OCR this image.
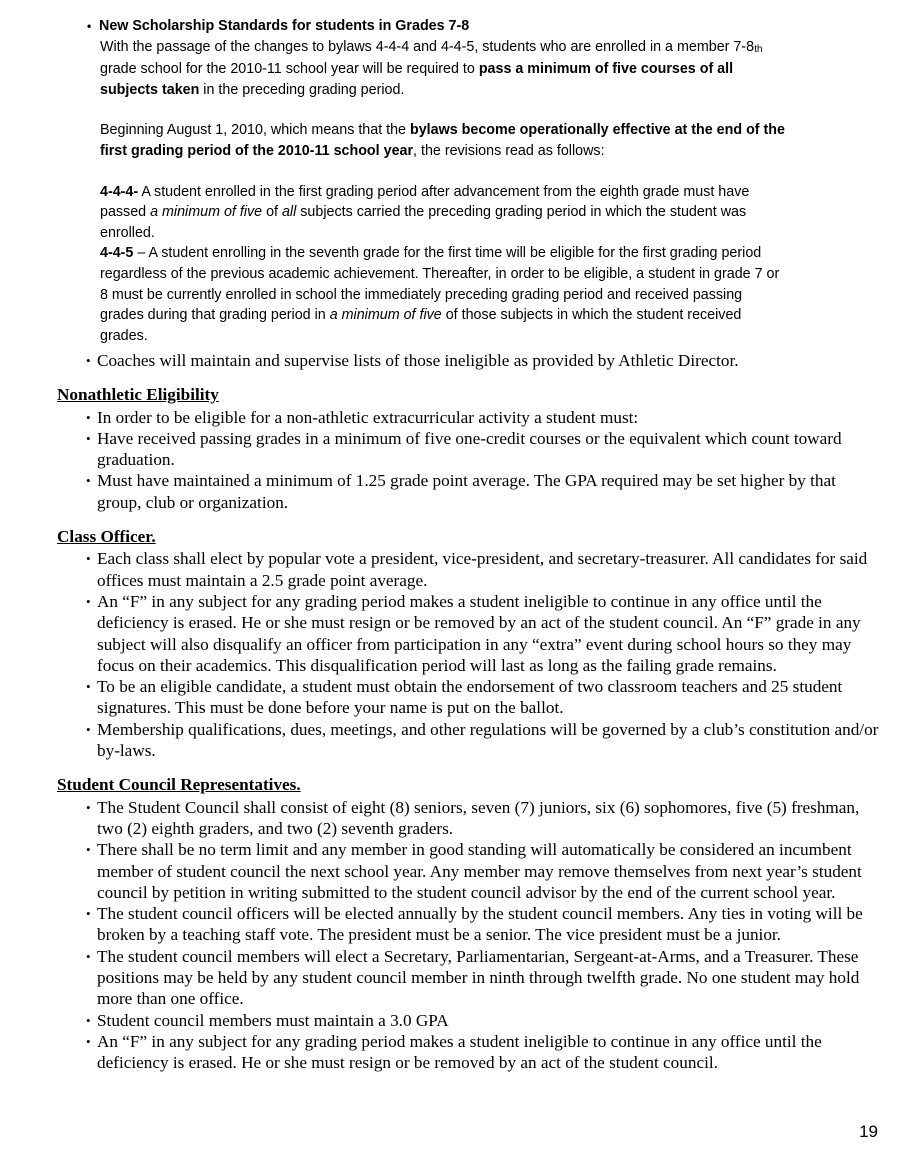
• New Scholarship Standards for students in Grades 7-8
With the passage of the changes to bylaws 4-4-4 and 4-4-5, students who are enrolled in a member 7-8th grade school for the 2010-11 school year will be required to pass a minimum of five courses of all subjects taken in the preceding grading period.
Beginning August 1, 2010, which means that the bylaws become operationally effective at the end of the first grading period of the 2010-11 school year, the revisions read as follows:
4-4-4- A student enrolled in the first grading period after advancement from the eighth grade must have passed a minimum of five of all subjects carried the preceding grading period in which the student was enrolled.
4-4-5 – A student enrolling in the seventh grade for the first time will be eligible for the first grading period regardless of the previous academic achievement. Thereafter, in order to be eligible, a student in grade 7 or 8 must be currently enrolled in school the immediately preceding grading period and received passing grades during that grading period in a minimum of five of those subjects in which the student received grades.
• Coaches will maintain and supervise lists of those ineligible as provided by Athletic Director.
Nonathletic Eligibility
• In order to be eligible for a non-athletic extracurricular activity a student must:
• Have received passing grades in a minimum of five one-credit courses or the equivalent which count toward graduation.
• Must have maintained a minimum of 1.25 grade point average. The GPA required may be set higher by that group, club or organization.
Class Officer.
• Each class shall elect by popular vote a president, vice-president, and secretary-treasurer. All candidates for said offices must maintain a 2.5 grade point average.
• An “F” in any subject for any grading period makes a student ineligible to continue in any office until the deficiency is erased. He or she must resign or be removed by an act of the student council. An “F” grade in any subject will also disqualify an officer from participation in any “extra” event during school hours so they may focus on their academics. This disqualification period will last as long as the failing grade remains.
• To be an eligible candidate, a student must obtain the endorsement of two classroom teachers and 25 student signatures. This must be done before your name is put on the ballot.
• Membership qualifications, dues, meetings, and other regulations will be governed by a club’s constitution and/or by-laws.
Student Council Representatives.
• The Student Council shall consist of eight (8) seniors, seven (7) juniors, six (6) sophomores, five (5) freshman, two (2) eighth graders, and two (2) seventh graders.
• There shall be no term limit and any member in good standing will automatically be considered an incumbent member of student council the next school year. Any member may remove themselves from next year’s student council by petition in writing submitted to the student council advisor by the end of the current school year.
• The student council officers will be elected annually by the student council members. Any ties in voting will be broken by a teaching staff vote. The president must be a senior. The vice president must be a junior.
• The student council members will elect a Secretary, Parliamentarian, Sergeant-at-Arms, and a Treasurer. These positions may be held by any student council member in ninth through twelfth grade. No one student may hold more than one office.
• Student council members must maintain a 3.0 GPA
• An “F” in any subject for any grading period makes a student ineligible to continue in any office until the deficiency is erased. He or she must resign or be removed by an act of the student council.
19
